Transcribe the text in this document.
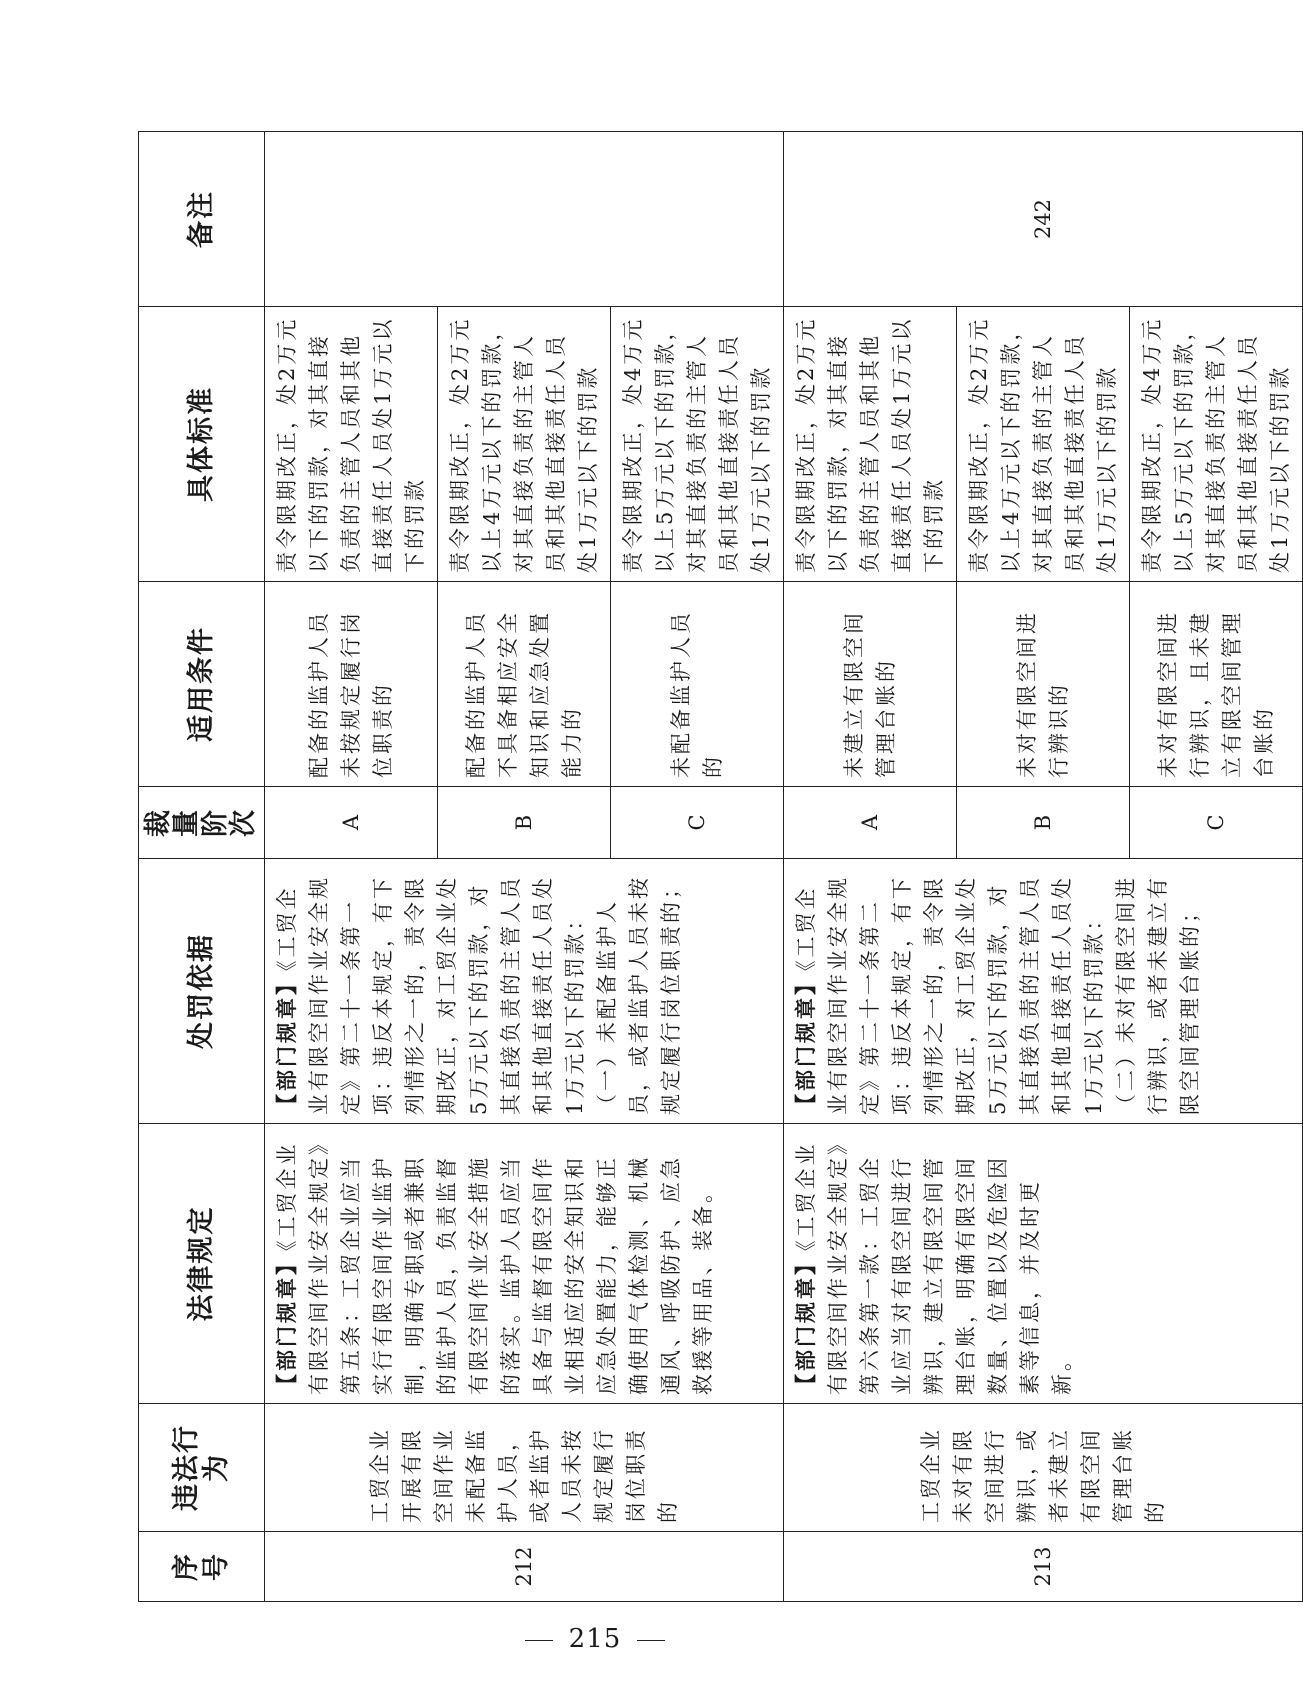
序号	违法行为	法律规定	处罚依据	裁量阶次	适用条件	具体标准	备注
212	工贸企业开展有限空间作业未配备监护人员，或者监护人员未按规定履行岗位职责的	【部门规章】《工贸企业有限空间作业安全规定》第五条：工贸企业应当实行有限空间作业监护制，明确专职或者兼职的监护人员，负责监督有限空间作业安全措施的落实。监护人员应当具备与监督有限空间作业相适应的安全知识和应急处置能力，能够正确使用气体检测、机械通风、呼吸防护、应急救援等用品、装备。	【部门规章】《工贸企业有限空间作业安全规定》第二十一条第一项：违反本规定，有下列情形之一的，责令限期改正，对工贸企业处5万元以下的罚款，对其直接负责的主管人员和其他直接责任人员处1万元以下的罚款：（一）未配备监护人员，或者监护人员未按规定履行岗位职责的；	A	配备的监护人员未按规定履行岗位职责的	责令限期改正，处2万元以下的罚款，对其直接负责的主管人员和其他直接责任人员处1万元以下的罚款	
				B	配备的监护人员不具备相应安全知识和应急处置能力的	责令限期改正，处2万元以上4万元以下的罚款，对其直接负责的主管人员和其他直接责任人员处1万元以下的罚款	
				C	未配备监护人员的	责令限期改正，处4万元以上5万元以下的罚款，对其直接负责的主管人员和其他直接责任人员处1万元以下的罚款	
213	工贸企业未对有限空间进行辨识，或者未建立有限空间管理台账的	【部门规章】《工贸企业有限空间作业安全规定》第六条第一款：工贸企业应当对有限空间进行辨识，建立有限空间管理台账，明确有限空间数量、位置以及危险因素等信息，并及时更新。	【部门规章】《工贸企业有限空间作业安全规定》第二十一条第二项：违反本规定，有下列情形之一的，责令限期改正，对工贸企业处5万元以下的罚款，对其直接负责的主管人员和其他直接责任人员处1万元以下的罚款：（二）未对有限空间进行辨识，或者未建立有限空间管理台账的；	A	未建立有限空间管理台账的	责令限期改正，处2万元以下的罚款，对其直接负责的主管人员和其他直接责任人员处1万元以下的罚款	242
				B	未对有限空间进行辨识的	责令限期改正，处2万元以上4万元以下的罚款，对其直接负责的主管人员和其他直接责任人员处1万元以下的罚款	
				C	未对有限空间进行辨识，且未建立有限空间管理台账的	责令限期改正，处4万元以上5万元以下的罚款，对其直接负责的主管人员和其他直接责任人员处1万元以下的罚款	
215
